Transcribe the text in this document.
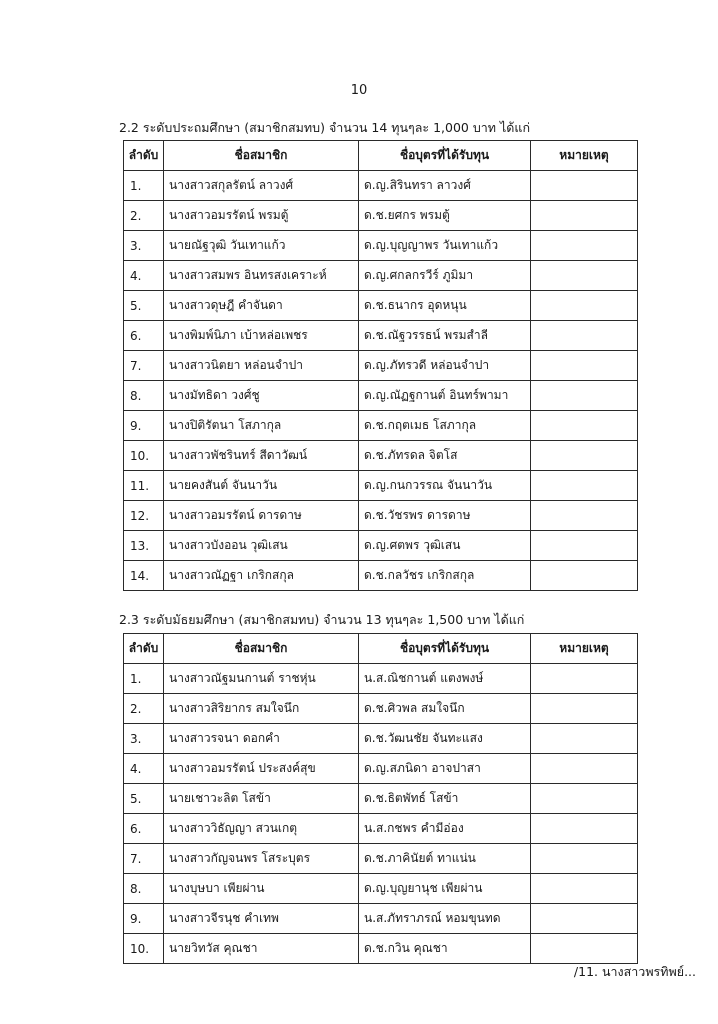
10
2.2 ระดับประถมศึกษา (สมาชิกสมทบ) จำนวน 14 ทุนๆละ 1,000 บาท ได้แก่
ลำดับ	ชื่อสมาชิก	ชื่อบุตรที่ได้รับทุน	หมายเหตุ
1.	นางสาวสกุลรัตน์ ลาวงศ์	ด.ญ.สิรินทรา ลาวงศ์	
2.	นางสาวอมรรัตน์ พรมตู้	ด.ช.ยศกร พรมตู้	
3.	นายณัฐวุฒิ วันเทาแก้ว	ด.ญ.บุญญาพร วันเทาแก้ว	
4.	นางสาวสมพร อินทรสงเคราะห์	ด.ญ.ศกลกรวีร์ ภูมิมา	
5.	นางสาวดุษฎี คำจันดา	ด.ช.ธนากร อุดหนุน	
6.	นางพิมพ์นิภา เบ้าหล่อเพชร	ด.ช.ณัฐวรรธน์ พรมสำลี	
7.	นางสาวนิตยา หล่อนจำปา	ด.ญ.ภัทรวดี หล่อนจำปา	
8.	นางมัทธิดา วงศ์ชู	ด.ญ.ณัฏฐกานต์ อินทร์พามา	
9.	นางปิติรัตนา โสภากุล	ด.ช.กฤตเมธ โสภากุล	
10.	นางสาวพัชรินทร์ สีดาวัฒน์	ด.ช.ภัทรดล จิตโส	
11.	นายคงสันต์ จันนาวัน	ด.ญ.กนกวรรณ จันนาวัน	
12.	นางสาวอมรรัตน์ ดารดาษ	ด.ช.วัชรพร ดารดาษ	
13.	นางสาวบังออน วุฒิเสน	ด.ญ.ศตพร วุฒิเสน	
14.	นางสาวณัฏฐา เกริกสกุล	ด.ช.กลวัชร เกริกสกุล	
2.3 ระดับมัธยมศึกษา (สมาชิกสมทบ) จำนวน 13 ทุนๆละ 1,500 บาท ได้แก่
ลำดับ	ชื่อสมาชิก	ชื่อบุตรที่ได้รับทุน	หมายเหตุ
1.	นางสาวณัฐมนกานต์ ราชหุ่น	น.ส.ณิชกานต์ แตงพงษ์	
2.	นางสาวสิริยากร สมใจนึก	ด.ช.ศิวพล สมใจนึก	
3.	นางสาวรจนา ดอกคำ	ด.ช.วัฒนชัย จันทะแสง	
4.	นางสาวอมรรัตน์ ประสงค์สุข	ด.ญ.สภนิดา อาจปาสา	
5.	นายเชาวะลิต โสข้า	ด.ช.ธิตพัทธ์ โสข้า	
6.	นางสาววิธัญญา สวนเกตุ	น.ส.กชพร คำมีอ่อง	
7.	นางสาวกัญจนพร โสระบุตร	ด.ช.ภาคินัยต์ ทาแน่น	
8.	นางบุษบา เพียผ่าน	ด.ญ.บุญยานุช เพียผ่าน	
9.	นางสาวจีรนุช คำเทพ	น.ส.ภัทราภรณ์ หอมขุนทด	
10.	นายวิทวัส คุณชา	ด.ช.กวิน คุณชา	
/11. นางสาวพรทิพย์...
